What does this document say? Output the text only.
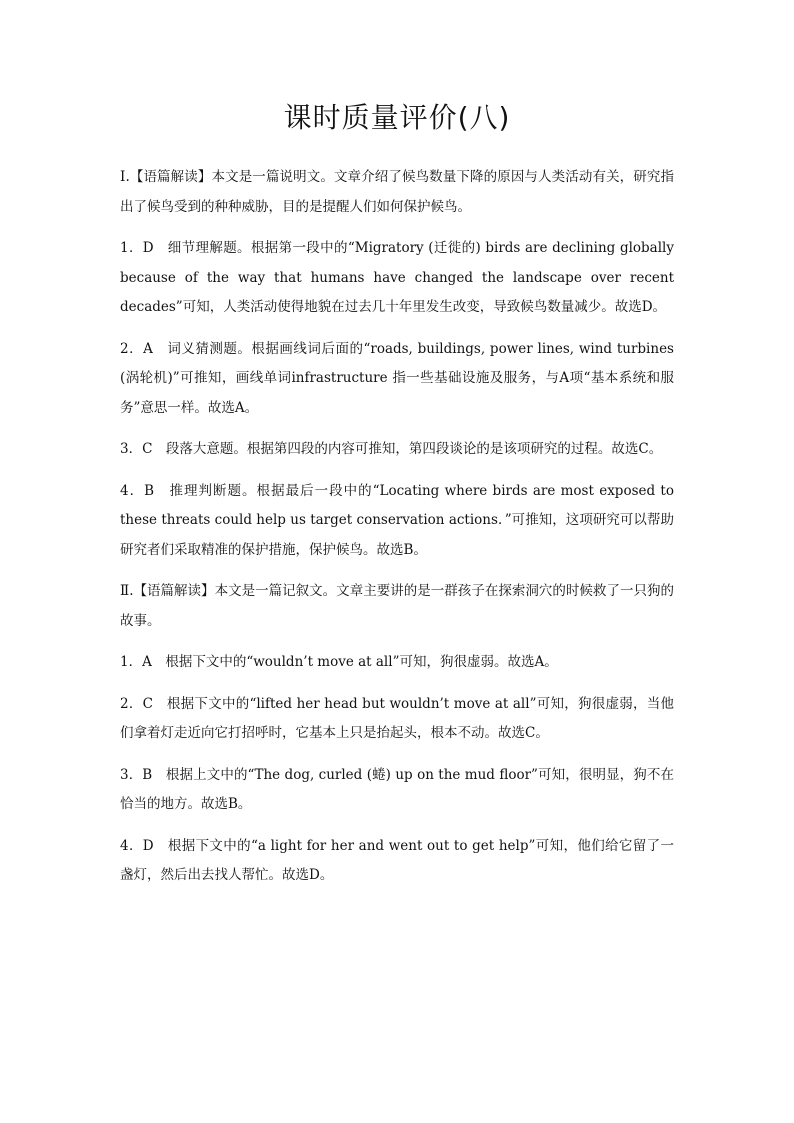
课时质量评价(八)

Ⅰ.【语篇解读】本文是一篇说明文。文章介绍了候鸟数量下降的原因与人类活动有关，研究指出了候鸟受到的种种威胁，目的是提醒人们如何保护候鸟。

1．D　细节理解题。根据第一段中的“Migratory (迁徙的) birds are declining globally because of the way that humans have changed the landscape over recent decades”可知，人类活动使得地貌在过去几十年里发生改变，导致候鸟数量减少。故选D。

2．A　词义猜测题。根据画线词后面的“roads, buildings, power lines, wind turbines (涡轮机)”可推知，画线单词infrastructure 指一些基础设施及服务，与A项“基本系统和服务”意思一样。故选A。

3．C　段落大意题。根据第四段的内容可推知，第四段谈论的是该项研究的过程。故选C。

4．B　推理判断题。根据最后一段中的“Locating where birds are most exposed to these threats could help us target conservation actions．”可推知，这项研究可以帮助研究者们采取精准的保护措施，保护候鸟。故选B。

Ⅱ.【语篇解读】本文是一篇记叙文。文章主要讲的是一群孩子在探索洞穴的时候救了一只狗的故事。

1．A　根据下文中的“wouldn’t move at all”可知，狗很虚弱。故选A。

2．C　根据下文中的“lifted her head but wouldn’t move at all”可知，狗很虚弱，当他们拿着灯走近向它打招呼时，它基本上只是抬起头，根本不动。故选C。

3．B　根据上文中的“The dog, curled (蜷) up on the mud floor”可知，很明显，狗不在恰当的地方。故选B。

4．D　根据下文中的“a light for her and went out to get help”可知，他们给它留了一盏灯，然后出去找人帮忙。故选D。
